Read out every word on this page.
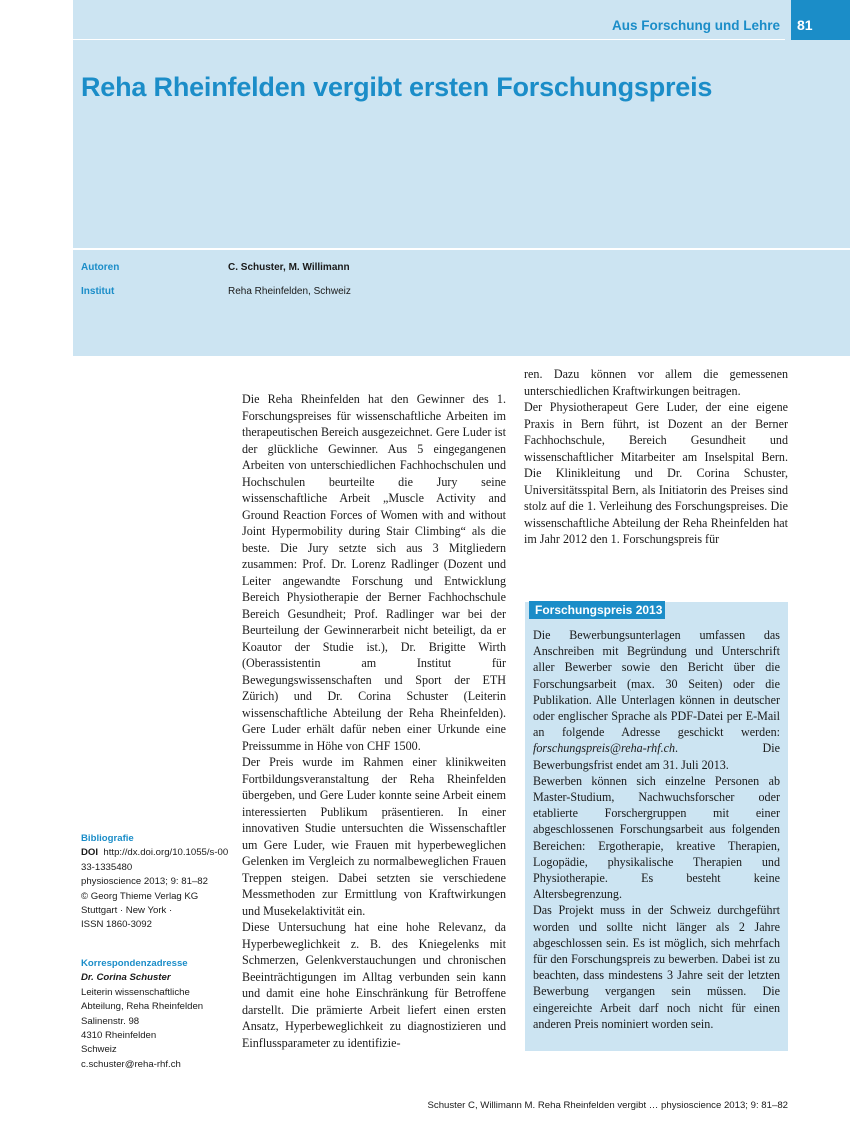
Aus Forschung und Lehre	81
Reha Rheinfelden vergibt ersten Forschungspreis
Autoren	C. Schuster, M. Willimann
Institut	Reha Rheinfelden, Schweiz

Die Reha Rheinfelden hat den Gewinner des 1. Forschungspreises für wissenschaftliche Arbeiten im therapeutischen Bereich ausgezeichnet. Gere Luder ist der glückliche Gewinner. Aus 5 eingegangenen Arbeiten von unterschiedlichen Fachhochschulen und Hochschulen beurteilte die Jury seine wissenschaftliche Arbeit „Muscle Activity and Ground Reaction Forces of Women with and without Joint Hypermobility during Stair Climbing“ als die beste. Die Jury setzte sich aus 3 Mitgliedern zusammen: Prof. Dr. Lorenz Radlinger (Dozent und Leiter angewandte Forschung und Entwicklung Bereich Physiotherapie der Berner Fachhochschule Bereich Gesundheit; Prof. Radlinger war bei der Beurteilung der Gewinnerarbeit nicht beteiligt, da er Koautor der Studie ist.), Dr. Brigitte Wirth (Oberassistentin am Institut für Bewegungswissenschaften und Sport der ETH Zürich) und Dr. Corina Schuster (Leiterin wissenschaftliche Abteilung der Reha Rheinfelden). Gere Luder erhält dafür neben einer Urkunde eine Preissumme in Höhe von CHF 1500.

Der Preis wurde im Rahmen einer klinikweiten Fortbildungsveranstaltung der Reha Rheinfelden übergeben, und Gere Luder konnte seine Arbeit einem interessierten Publikum präsentieren. In einer innovativen Studie untersuchten die Wissenschaftler um Gere Luder, wie Frauen mit hyperbeweglichen Gelenken im Vergleich zu normalbeweglichen Frauen Treppen steigen. Dabei setzten sie verschiedene Messmethoden zur Ermittlung von Kraftwirkungen und Musekelaktivität ein.

Diese Untersuchung hat eine hohe Relevanz, da Hyperbeweglichkeit z. B. des Kniegelenks mit Schmerzen, Gelenkverstauchungen und chronischen Beeinträchtigungen im Alltag verbunden sein kann und damit eine hohe Einschränkung für Betroffene darstellt. Die prämierte Arbeit liefert einen ersten Ansatz, Hyperbeweglichkeit zu diagnostizieren und Einflussparameter zu identifizie-

ren. Dazu können vor allem die gemessenen unterschiedlichen Kraftwirkungen beitragen.

Der Physiotherapeut Gere Luder, der eine eigene Praxis in Bern führt, ist Dozent an der Berner Fachhochschule, Bereich Gesundheit und wissenschaftlicher Mitarbeiter am Inselspital Bern. Die Klinikleitung und Dr. Corina Schuster, Universitätsspital Bern, als Initiatorin des Preises sind stolz auf die 1. Verleihung des Forschungspreises. Die wissenschaftliche Abteilung der Reha Rheinfelden hat im Jahr 2012 den 1. Forschungspreis für

Forschungspreis 2013

Die Bewerbungsunterlagen umfassen das Anschreiben mit Begründung und Unterschrift aller Bewerber sowie den Bericht über die Forschungsarbeit (max. 30 Seiten) oder die Publikation. Alle Unterlagen können in deutscher oder englischer Sprache als PDF-Datei per E-Mail an folgende Adresse geschickt werden: forschungspreis@reha-rhf.ch. Die Bewerbungsfrist endet am 31. Juli 2013.

Bewerben können sich einzelne Personen ab Master-Studium, Nachwuchsforscher oder etablierte Forschergruppen mit einer abgeschlossenen Forschungsarbeit aus folgenden Bereichen: Ergotherapie, kreative Therapien, Logopädie, physikalische Therapien und Physiotherapie. Es besteht keine Altersbegrenzung.

Das Projekt muss in der Schweiz durchgeführt worden und sollte nicht länger als 2 Jahre abgeschlossen sein. Es ist möglich, sich mehrfach für den Forschungspreis zu bewerben. Dabei ist zu beachten, dass mindestens 3 Jahre seit der letzten Bewerbung vergangen sein müssen. Die eingereichte Arbeit darf noch nicht für einen anderen Preis nominiert worden sein.

Bibliografie
DOI http://dx.doi.org/10.1055/s-0033-1335480
physioscience 2013; 9: 81–82
© Georg Thieme Verlag KG
Stuttgart · New York ·
ISSN 1860-3092
Korrespondenzadresse
Dr. Corina Schuster
Leiterin wissenschaftliche
Abteilung, Reha Rheinfelden
Salinenstr. 98
4310 Rheinfelden
Schweiz
c.schuster@reha-rhf.ch
Schuster C, Willimann M. Reha Rheinfelden vergibt … physioscience 2013; 9: 81–82
